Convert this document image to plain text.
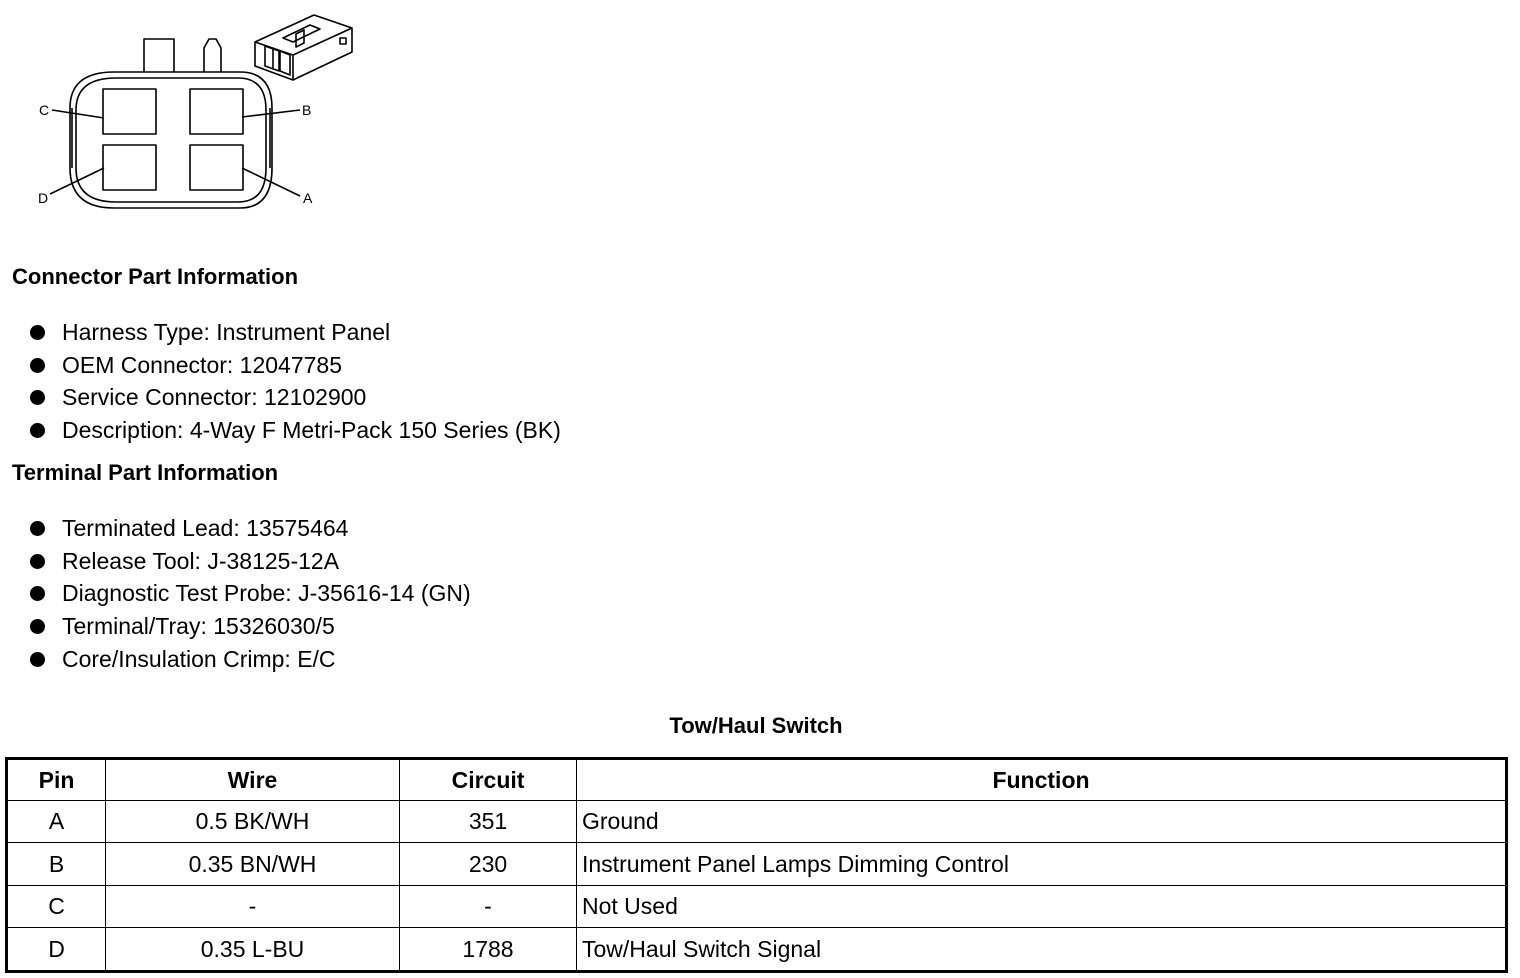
C	B
D	A
Connector Part Information
Harness Type: Instrument Panel
OEM Connector: 12047785
Service Connector: 12102900
Description: 4-Way F Metri-Pack 150 Series (BK)
Terminal Part Information
Terminated Lead: 13575464
Release Tool: J-38125-12A
Diagnostic Test Probe: J-35616-14 (GN)
Terminal/Tray: 15326030/5
Core/Insulation Crimp: E/C
Tow/Haul Switch
Pin	Wire	Circuit	Function
A	0.5 BK/WH	351	Ground
B	0.35 BN/WH	230	Instrument Panel Lamps Dimming Control
C	-	-	Not Used
D	0.35 L-BU	1788	Tow/Haul Switch Signal
